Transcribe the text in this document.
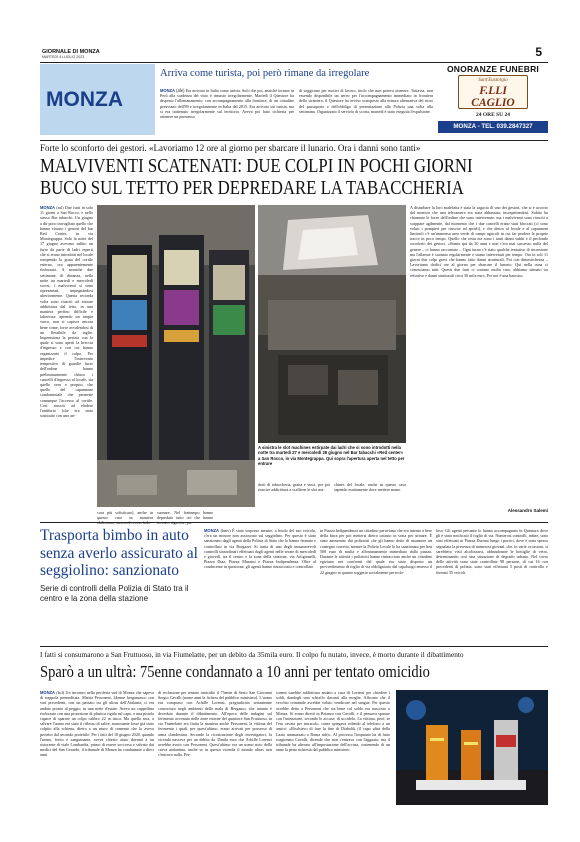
GIORNALE DI MONZA
MARTEDÌ 4 LUGLIO 2023	5
MONZA
Arriva come turista, poi però rimane da irregolare
MONZA (afe) Era arrivato in Italia come turista. Solo che poi, anziché tornare in Perù alla scadenza del visto è rimasto irregolarmente. Martedì il Questore ha disposto l'allontanamento, con accompagnamento alla frontiera, di un cittadino peruviano dell'89 e irregolarmente in Italia dal 2015. Era arrivato sui turista, ma si era trattenuto irregolarmente sul territorio. Aveva poi fatto richiesta per ottenere un permesso
di soggiorno per motivi di lavoro, titolo che non poteva ottenere. Tuttavia, non essendo disponibile un aereo per l'accompagnamento immediato in frontiera dello straniero, il Questore ha avviso sottoposto alla misura alternativa del ritiro del passaporto e dell'obbligo di presentazione alla Polizia una volta alla settimana. Organizzato il servizio di scorta, martedì è stato eseguita l'espulsione.
ONORANZE FUNEBRI
Sant'Eustorgio
F.LLI CAGLIO
24 ORE SU 24
MONZA - TEL. 039.2847327
Forte lo sconforto dei gestori. «Lavoriamo 12 ore al giorno per sbarcare il lunario. Ora i danni sono tanti»
MALVIVENTI SCATENATI: DUE COLPI IN POCHI GIORNI
BUCO SUL TETTO PER DEPREDARE LA TABACCHERIA
MONZA (asl) Due furti in solo 11 giorni a San Rocco, e nello stesso Bar tabacchi. Un giugno a dir poco travagliato quello che hanno vissuto i gestori del bar Red Center, in via Montegrappa. Solo la notte del 17 giugno avevano subìto un furto da parte di ladri esperti che si erano introdotti nel locale rompendo la grata del cortile esterno, ora apparentemente rinforzata. A neanche due settimane di distanza, nella notte tra martedì e mercoledì scorsi, i malviventi si sono ripresentati, impegnandosi ulteriormente. Questa seconda volta sono riusciti ad entrare addirittura dal tetto, in una maniera perfino difficile e laboriosa: aprendo un ampio varco, non si capisce ancora bene come, forse avvalendosi di un flessibile da taglio. Impressiona la perizia con la quale si sono aperti la breccia d'ingresso e con cui hanno organizzato il colpo. Per impedire l'intervento tempestivo di guardie furse dell'ordine hanno preliminarmente chiuso i cancelli d'ingresso al locale, sia quello vero e proprio, che quello del capannone condominiale che permette comunque l'accesso al cortile. Così riusciti ad eludere l'antifurto (che era stato sostituito con uno an-
A sinistra le slot machines estirpate dai ladri che si sono introdotti nella notte tra martedì 27 e mercoledì 28 giugno nel Bar tabacchi «Red center» a San Rocco, in via Montegrappa. Qui sopra l'apertura aperta nel tetto per entrare
cora più sofisticato), anche in questo caso in maniera abilissima, riuscendo a non farlo
suonare. Nel frattempo hanno depredato tutto ciò che hanno trovato: sigarette, pre-
dotti di tabaccheria, gratta e vinci, per poi riuscire addirittura a scalfirne le slot ma-
chines del locale, anche in questo caso sapendo esattamente dove mettere mano.
A disturbare la loro malefatta è stata la sagacia di uno dei gestori, che si è accorto dal monitor che una telecamera era stata abbassata, insospettendosi. Subito ha chiamato le forze dell'ordine che sono intervenute, ma i malviventi sono riusciti a scappare agilmente, dal momento che i due cancelli erano stati bloccati (ci sono voluti i pompieri per riuscire ad aprirli), e che dietro al locale e al capannoni limitrofi c'è un'immensa area verde di campi agricoli in cui far perdere le proprie tracce in poco tempo. Quello che resta era sono i tanti danni subìti e il profondo sconforto dei gestori. «Siamo qui da 20 anni e non c'era mai successo nulla del genere – ci hanno raccontato – Ogni turno c'è stato qualche tentativo di incursione ma l'allarme è suonato regolarmente e siamo intervenuti per tempo. Ora in soli 11 giorni due colpi gravi che hanno fatto danni strutturali. Poi con dimestichezza – Lavoriamo dodici ore al giorno per sbarcare il lunario. Qui nella cuna ci conosciamo tutti. Questi due furti ci costano molto caro, abbiamo stimato tra refurtive e danni strutturali circa 30 mila euro. Per noi è una batosta»
Alessandro Salemi
Trasporta bimbo in auto senza averlo assicurato al seggiolino: sanzionato
Serie di controlli della Polizia di Stato tra il centro e la zona della stazione
MONZA (bmv) È stato sorpreso mentre, a bordo del suo veicolo, c'era un minore non assicurato sul seggiolino. Per questo è stato sanzionato dagli agenti della Polizia di Stato che lo hanno fermato e controllato in via Borgazzi. Si tratta di uno degli innumerevoli controlli straordinari effettuati dagli agenti nelle serate di mercoledì e giovedì, tra il centro e la zona della stazione, via Artigianelli, Piazza Diaz, Piazza Mazzini e Piazza Indipendenza. Oltre al conducente in questione, gli agenti hanno rintracciato e controllato
in Piazza Indipendenza un cittadino peruviano che era intento a bere della birra per poi mettersi dietro un'auto in sosta per urinare. È stato ammonito dai poliziotti che gli hanno detto di assumere un contegno corretto, mentre la Polizia Locale lo ha sanzionato per ben 500 euro di multa e allontanamento immediato dalla piazza. Durante le attività i poliziotti hanno rintracciato anche un cittadino egiziano nei confronti del quale era stato disposto un provvedimento di foglio di via obbligatorio dal capoluogo emesso il 22 giugno in quanto soggetto socialmente pericolo-
loso. Gli agenti pertanto lo hanno accompagnato in Questura dove gli è stato notificato il foglio di via. Numerosi controlli, infine, sono stati effettuati in Piazza Duomo lungo i portici, dove è stata spesso segnalata la presenza di numerosi giovani, che, in varie occasioni, si sarebbero visti alcolizzarsi, abbandonare le bottiglie di vetro, determinando così una situazione di degrado urbano. Nel corso delle attività sono state controllate 98 persone, di cui 16 con precedenti di polizia, sono stati effettuati 5 posti di controllo e fermati 35 veicoli.
I fatti si consumarono a San Fruttuoso, in via Fiumelatte, per un debito da 35mila euro. Il colpo fu nutato, invece, è morto durante il dibattimento
Sparò a un ultrà: 75enne condannato a 10 anni per tentato omicidio
MONZA (bcl) Un incontro nella periferia sud di Monza che sapeva di trappola premeditata. Mattia Personeni, 24enne bergamasco con vari precedenti, con un passato tra gli ultras dell'Atalanta, ci era andato pronto al peggio, in una notte d'estate. Aveva un cappellino rinforzato con una protezione di plastica rigida sul capo, e una pistola capace di sparare un colpo calibro 22 in tasca. Ma quella sera, a salvare l'uomo era stato il riflesso di salire, nonostante fosse già stato colpito alla schiena, dietro a un muro di cemento che lo aveva protetto dal secondo proiettile. Per i fatti del 18 giugno 2020, quando l'uomo, ferito e sanguinante, aveva chiesto aiuto davanti a un ristorante di viale Lombardia, primo di essere soccorso e salvato dai medici del San Gerardo, il tribunale di Monza ha condannato a dieci anni
di reclusione per tentato omicidio il 75enne di Sesto San Giovanni Sergio Cavalli (nome anni la fichera del pubblico ministero). L'uomo era comparso con Achille Lorenzi, pregiudicato settantenne conosciuto negli ambienti della mala di Bergamo, che intanto è deceduto durante il dibattimento. All'epoca delle indagini sul ferimento avvenuto nelle zone esterne del quartiere San Fruttuoso, in via Fiumelatte era finita la maniera anche Personeni, la vittima del ferimento i quali, per quest'ultimo, erano arrivati per possesso di arma clandestina. Secondo la ricostruzione degli investigatori, la vicenda nasceva per un debito da 35mila euro che Achille Lorenzi avrebbe avuto con Personeni. Quest'ultimo era un uomo noto della curva atalantina, anche se in questa vicenda il mondo ultras non c'entrava nulla. Per-
soneni sarebbe addirittura andato a casa di Lorenzi per chiedere i soldi, dandogli uno schiaffo davanti alla moglie. Affronto che il vecchio criminale avrebbe voluto vendicare nel sangue. Per questo avrebbe detto a Personeni che sta bene col soldo era nascosto a Monza. Si erano diretti in Brianza con Cavalli, e il pensava sparare con l'intenzione, secondo le accuse, di uccidelo. La vittima, però, se l'era cavata per miracolo, come spiegava ridendo al telefono a un amico: «Rischiavo di fare la fine di Diabolik (il capo ultrà della Lazio ammazzato a Roma ndr)». Al processo l'imputato ha di fatto scagionato Cavalli, dicendo che non c'entrava con l'agguato, ma il tribunale ha alterato all'impostazione dell'accusa, sostenendo di un anno la pena richiesta dal pubblico ministero.
